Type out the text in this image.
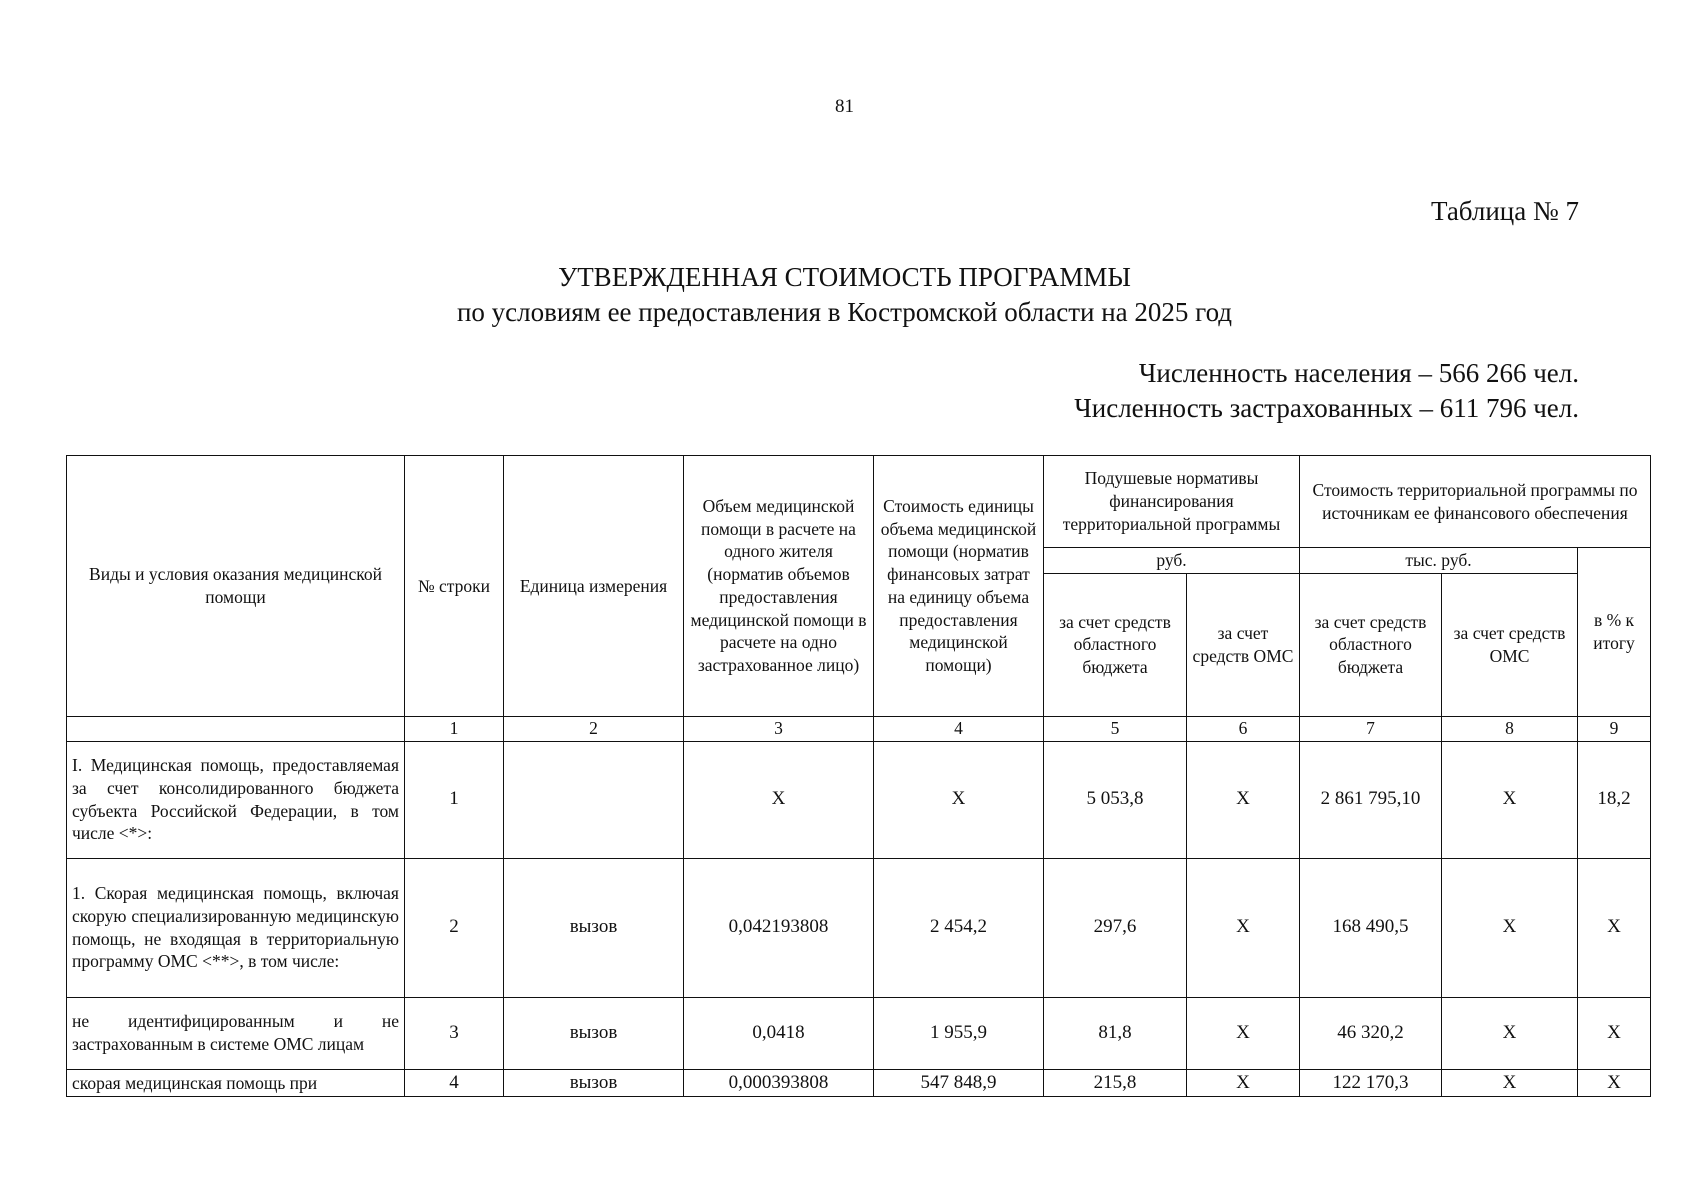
81
Таблица № 7
УТВЕРЖДЕННАЯ СТОИМОСТЬ ПРОГРАММЫ
по условиям ее предоставления в Костромской области на 2025 год
Численность населения – 566 266 чел.
Численность застрахованных – 611 796 чел.
Виды и условия оказания медицинской помощи	№ строки	Единица измерения	Объем медицинской помощи в расчете на одного жителя (норматив объемов предоставления медицинской помощи в расчете на одно застрахованное лицо)	Стоимость единицы объема медицинской помощи (норматив финансовых затрат на единицу объема предоставления медицинской помощи)	Подушевые нормативы финансирования территориальной программы		Стоимость территориальной программы по источникам ее финансового обеспечения		
					руб.		тыс. руб.		в % к итогу
					за счет средств областного бюджета	за счет средств ОМС	за счет средств областного бюджета	за счет средств ОМС	
	1	2	3	4	5	6	7	8	9
I. Медицинская помощь, предоставляемая за счет консолидированного бюджета субъекта Российской Федерации, в том числе <*>:	1		X	X	5 053,8	X	2 861 795,10	X	18,2
1. Скорая медицинская помощь, включая скорую специализированную медицинскую помощь, не входящая в территориальную программу ОМС <**>, в том числе:	2	вызов	0,042193808	2 454,2	297,6	X	168 490,5	X	X
не идентифицированным и не застрахованным в системе ОМС лицам	3	вызов	0,0418	1 955,9	81,8	X	46 320,2	X	X
скорая медицинская помощь при	4	вызов	0,000393808	547 848,9	215,8	X	122 170,3	X	X
